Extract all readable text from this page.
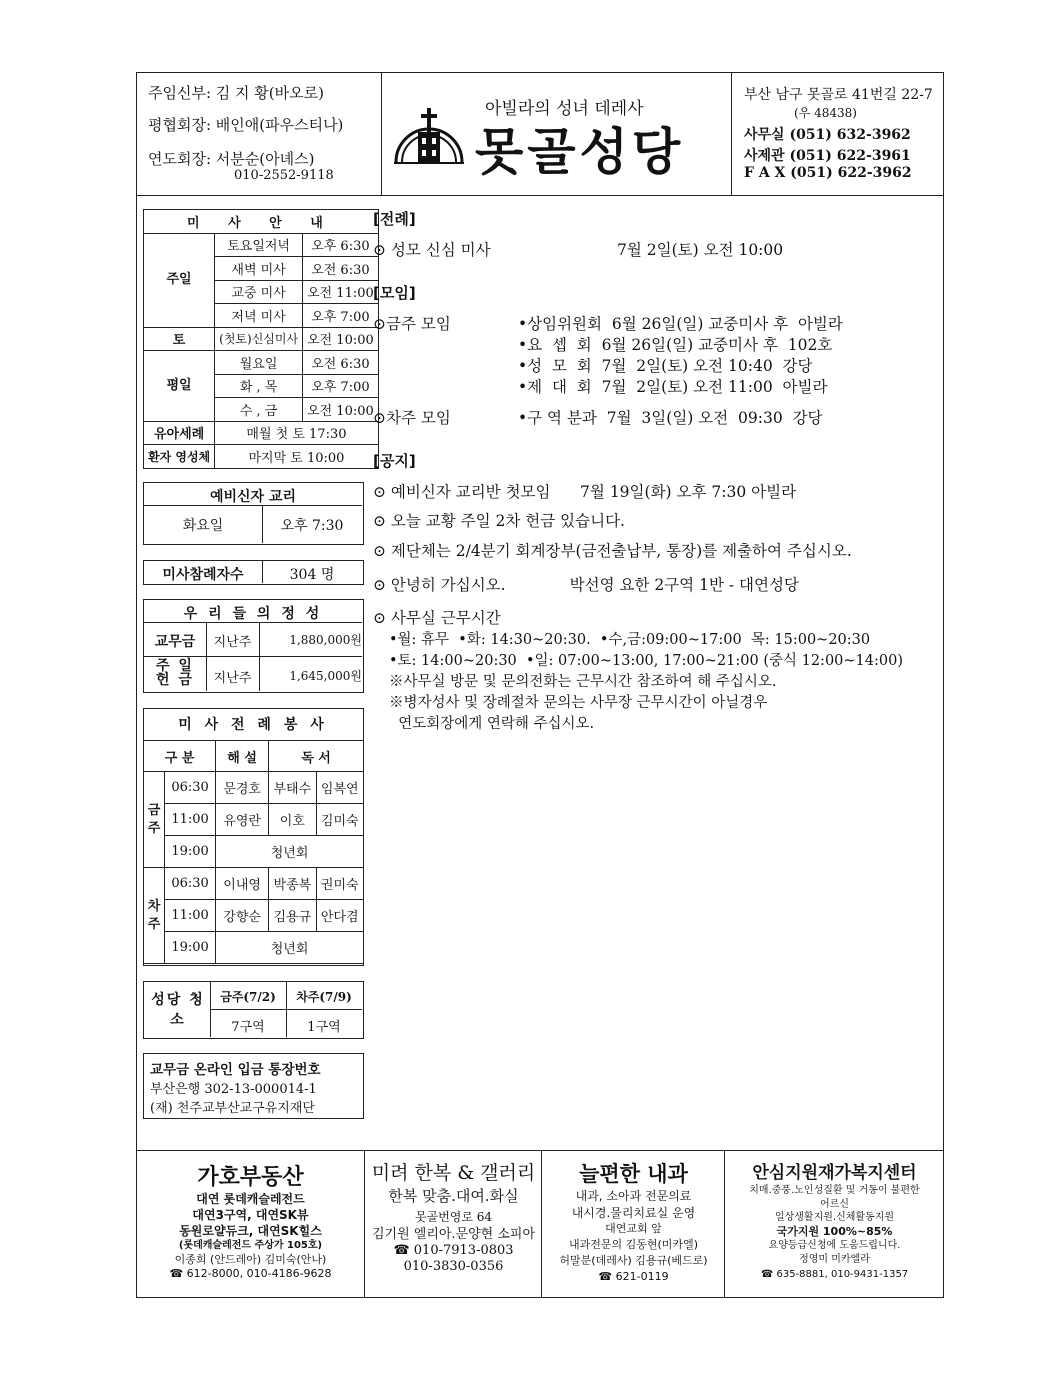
주임신부: 김 지 황(바오로)
평협회장: 배인애(파우스티나)
연도회장: 서분순(아녜스)
010-2552-9118
아빌라의 성녀 데레사
못골성당
부산 남구 못골로 41번길 22-7
(우 48438)
사무실 (051) 632-3962
사제관 (051) 622-3961
F A X (051) 622-3962
미 사 안 내		
주일	토요일저녁	오후 6:30
	새벽 미사	오전 6:30
	교중 미사	오전 11:00
	저녁 미사	오후 7:00
토	(첫토)신심미사	오전 10:00
평일	월요일	오전 6:30
	화 , 목	오후 7:00
	수 , 금	오전 10:00
유아세례	매월 첫 토 17:30	
환자 영성체	마지막 토 10:00	
예비신자 교리
화요일	오후 7:30
미사참례자수	304 명
우 리 들 의 정 성
교무금	지난주	1,880,000원
주 일 헌 금	지난주	1,645,000원
미 사 전 례 봉 사
구 분		해 설	독 서	
금주	06:30	문경호	부태수	임복연
	11:00	유영란	이호	김미숙
	19:00	청년회		
차주	06:30	이내영	박종복	권미숙
	11:00	강향순	김용규	안다겸
	19:00	청년회		
성당 청소
금주(7/2)	차주(7/9)
7구역	1구역
교무금 온라인 입금 통장번호
부산은행 302-13-000014-1
(재) 천주교부산교구유지재단
[전례]
⊙ 성모 신심 미사	7월 2일(토) 오전 10:00
[모임]
⊙금주 모임	•상임위원회  6월 26일(일) 교중미사 후  아빌라
•요  셉  회  6월 26일(일) 교중미사 후  102호
•성  모  회  7월  2일(토) 오전 10:40  강당
•제  대  회  7월  2일(토) 오전 11:00  아빌라
⊙차주 모임	•구 역 분과  7월  3일(일) 오전  09:30  강당
[공지]
⊙ 예비신자 교리반 첫모임      7월 19일(화) 오후 7:30 아빌라
⊙ 오늘 교황 주일 2차 헌금 있습니다.
⊙ 제단체는 2/4분기 회계장부(금전출납부, 통장)를 제출하여 주십시오.
⊙ 안녕히 가십시오.             박선영 요한 2구역 1반 - 대연성당
⊙ 사무실 근무시간
•월: 휴무  •화: 14:30~20:30.  •수,금:09:00~17:00  목: 15:00~20:30
•토: 14:00~20:30  •일: 07:00~13:00, 17:00~21:00 (중식 12:00~14:00)
※사무실 방문 및 문의전화는 근무시간 참조하여 해 주십시오.
※병자성사 및 장례절차 문의는 사무장 근무시간이 아닐경우
연도회장에게 연락해 주십시오.
가호부동산
대연 롯데캐슬레전드
대연3구역, 대연SK뷰
동원로얄듀크, 대연SK힐스
(롯데캐슬레전드 주상가 105호)
이종희 (안드레아) 김미숙(안나)
☎ 612-8000, 010-4186-9628
미려 한복 & 갤러리
한복 맞춤.대여.화실
못골번영로 64
김기원 엘리아.문양현 소피아
☎ 010-7913-0803
010-3830-0356
늘편한 내과
내과, 소아과 전문의료
내시경.물리치료실 운영
대연교회 앞
내과전문의 김동현(미카엘)
허말분(데레사) 김용규(베드로)
☎ 621-0119
안심지원재가복지센터
치매.중풍.노인성질환 및 거동이 불편한
어르신
일상생활지원.신체활동지원
국가지원 100%~85%
요양등급신청에 도움드립니다.
정영미 미카엘라
☎ 635-8881, 010-9431-1357
